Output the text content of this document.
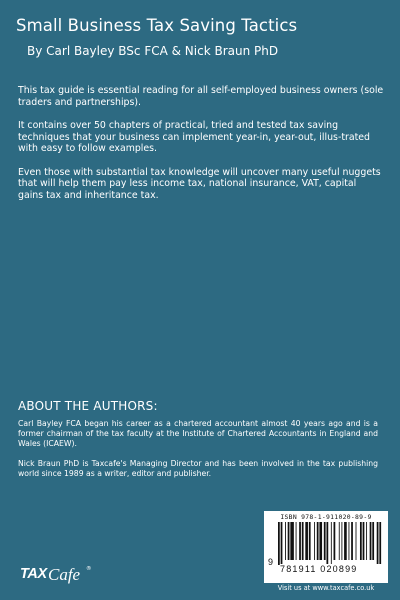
Small Business Tax Saving Tactics
By Carl Bayley BSc FCA & Nick Braun PhD

This tax guide is essential reading for all self-employed business owners (sole traders and partnerships).

It contains over 50 chapters of practical, tried and tested tax saving techniques that your business can implement year-in, year-out, illus-trated with easy to follow examples.

Even those with substantial tax knowledge will uncover many useful nuggets that will help them pay less income tax, national insurance, VAT, capital gains tax and inheritance tax.

ABOUT THE AUTHORS:

Carl Bayley FCA began his career as a chartered accountant almost 40 years ago and is a former chairman of the tax faculty at the Institute of Chartered Accountants in England and Wales (ICAEW).

Nick Braun PhD is Taxcafe's Managing Director and has been involved in the tax publishing world since 1989 as a writer, editor and publisher.

TAX Cafe ®
ISBN 978-1-911020-89-9
9
781911 020899
Visit us at www.taxcafe.co.uk
